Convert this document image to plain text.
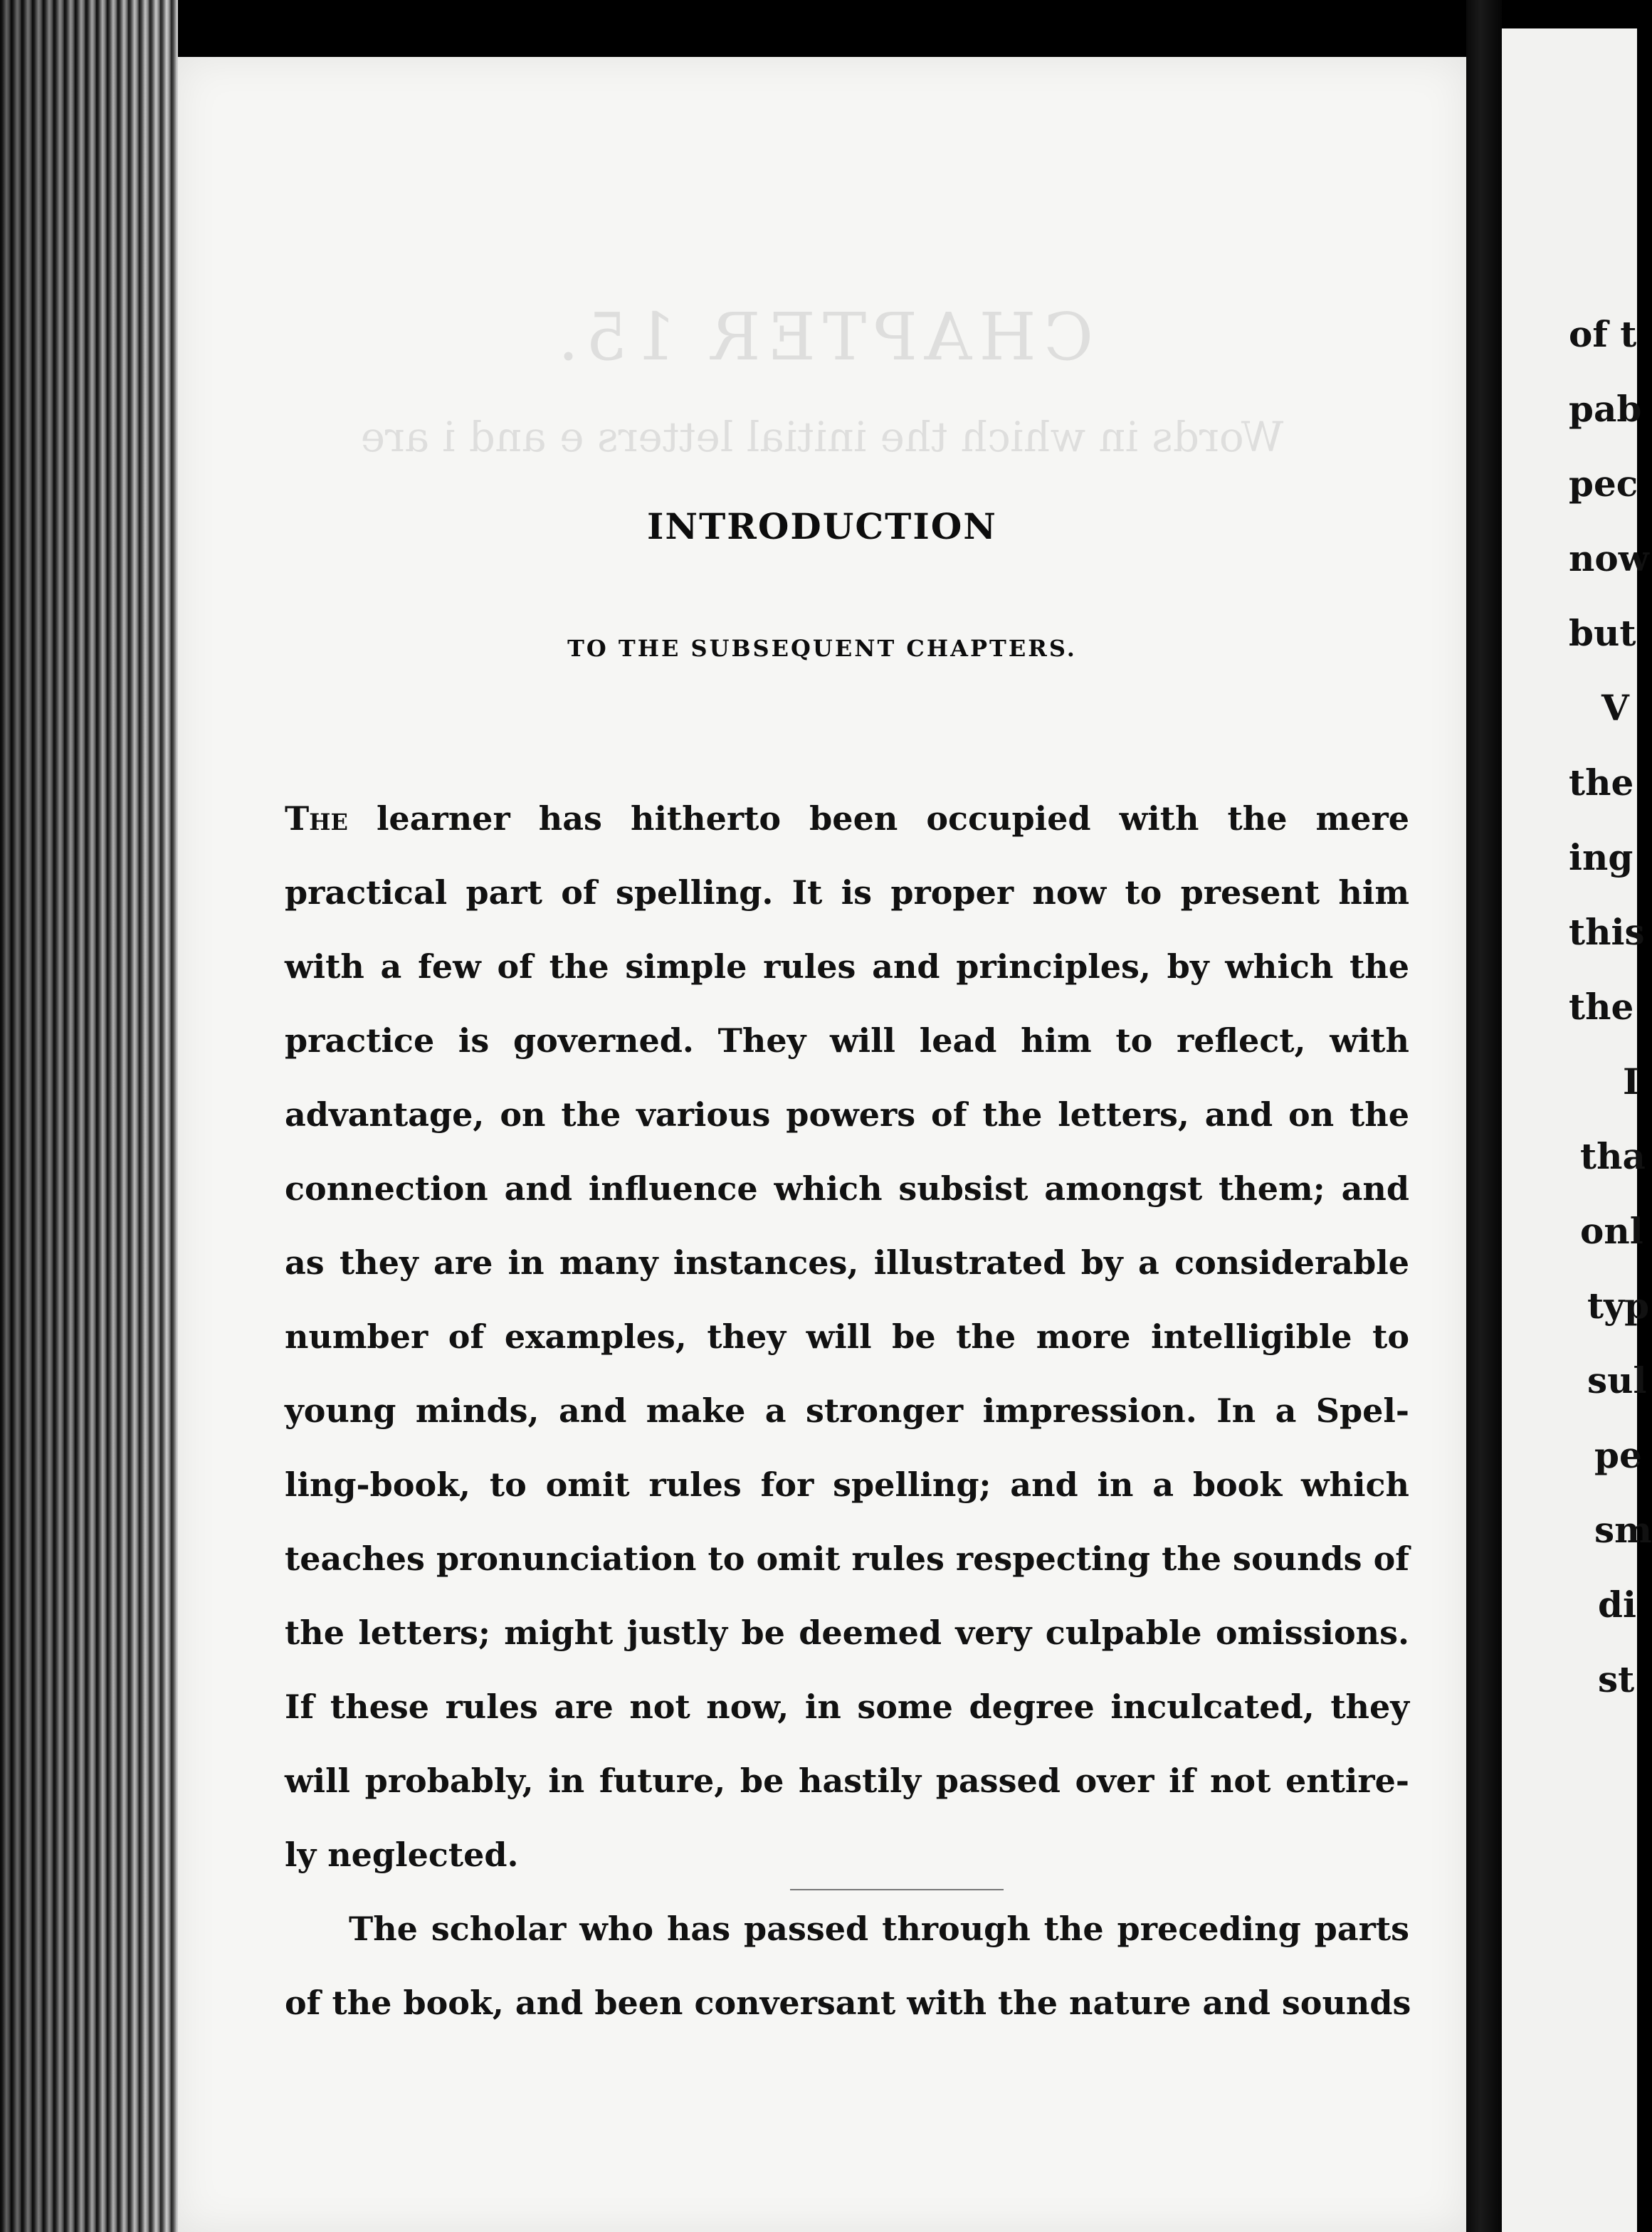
CHAPTER 15.
Words in which the initial letters e and i are
INTRODUCTION
TO THE SUBSEQUENT CHAPTERS.

The learner has hitherto been occupied with the mere

practical part of spelling. It is proper now to present him

with a few of the simple rules and principles, by which the

practice is governed. They will lead him to reflect, with

advantage, on the various powers of the letters, and on the

connection and influence which subsist amongst them; and

as they are in many instances, illustrated by a considerable

number of examples, they will be the more intelligible to

young minds, and make a stronger impression. In a Spel-

ling-book, to omit rules for spelling; and in a book which

teaches pronunciation to omit rules respecting the sounds of

the letters; might justly be deemed very culpable omissions.

If these rules are not now, in some degree inculcated, they

will probably, in future, be hastily passed over if not entire-

ly neglected.

The scholar who has passed through the preceding parts

of the book, and been conversant with the nature and sounds

of t
pab
pec
now
but
V
the
ing
this
the
I
tha
onl
typ
sul
pe
sm
di
st
